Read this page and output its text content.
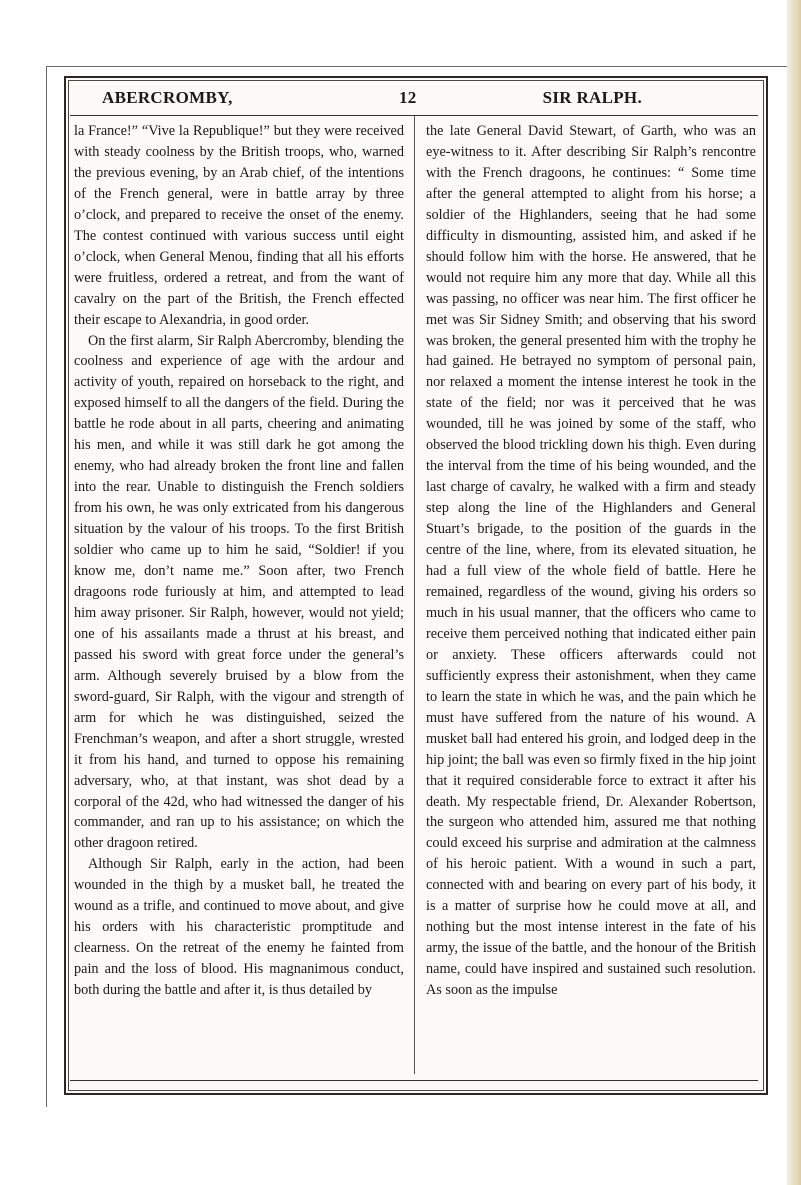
ABERCROMBY,	12	SIR RALPH.

la France!” “Vive la Republique!” but they were received with steady coolness by the British troops, who, warned the previous evening, by an Arab chief, of the intentions of the French general, were in battle array by three o’clock, and prepared to receive the onset of the enemy. The contest continued with various success until eight o’clock, when General Menou, finding that all his efforts were fruitless, ordered a retreat, and from the want of cavalry on the part of the British, the French effected their escape to Alexandria, in good order.

On the first alarm, Sir Ralph Abercromby, blending the coolness and experience of age with the ardour and activity of youth, repaired on horseback to the right, and exposed himself to all the dangers of the field. During the battle he rode about in all parts, cheering and animating his men, and while it was still dark he got among the enemy, who had already broken the front line and fallen into the rear. Unable to distinguish the French soldiers from his own, he was only extricated from his dangerous situation by the valour of his troops. To the first British soldier who came up to him he said, “Soldier! if you know me, don’t name me.” Soon after, two French dragoons rode furiously at him, and attempted to lead him away prisoner. Sir Ralph, however, would not yield; one of his assailants made a thrust at his breast, and passed his sword with great force under the general’s arm. Although severely bruised by a blow from the sword-guard, Sir Ralph, with the vigour and strength of arm for which he was distinguished, seized the Frenchman’s weapon, and after a short struggle, wrested it from his hand, and turned to oppose his remaining adversary, who, at that instant, was shot dead by a corporal of the 42d, who had witnessed the danger of his commander, and ran up to his assistance; on which the other dragoon retired.

Although Sir Ralph, early in the action, had been wounded in the thigh by a musket ball, he treated the wound as a trifle, and continued to move about, and give his orders with his characteristic promptitude and clearness. On the retreat of the enemy he fainted from pain and the loss of blood. His magnanimous conduct, both during the battle and after it, is thus detailed by

the late General David Stewart, of Garth, who was an eye-witness to it. After describing Sir Ralph’s rencontre with the French dragoons, he continues: “ Some time after the general attempted to alight from his horse; a soldier of the Highlanders, seeing that he had some difficulty in dismounting, assisted him, and asked if he should follow him with the horse. He answered, that he would not require him any more that day. While all this was passing, no officer was near him. The first officer he met was Sir Sidney Smith; and observing that his sword was broken, the general presented him with the trophy he had gained. He betrayed no symptom of personal pain, nor relaxed a moment the intense interest he took in the state of the field; nor was it perceived that he was wounded, till he was joined by some of the staff, who observed the blood trickling down his thigh. Even during the interval from the time of his being wounded, and the last charge of cavalry, he walked with a firm and steady step along the line of the Highlanders and General Stuart’s brigade, to the position of the guards in the centre of the line, where, from its elevated situation, he had a full view of the whole field of battle. Here he remained, regardless of the wound, giving his orders so much in his usual manner, that the officers who came to receive them perceived nothing that indicated either pain or anxiety. These officers afterwards could not sufficiently express their astonishment, when they came to learn the state in which he was, and the pain which he must have suffered from the nature of his wound. A musket ball had entered his groin, and lodged deep in the hip joint; the ball was even so firmly fixed in the hip joint that it required considerable force to extract it after his death. My respectable friend, Dr. Alexander Robertson, the surgeon who attended him, assured me that nothing could exceed his surprise and admiration at the calmness of his heroic patient. With a wound in such a part, connected with and bearing on every part of his body, it is a matter of surprise how he could move at all, and nothing but the most intense interest in the fate of his army, the issue of the battle, and the honour of the British name, could have inspired and sustained such resolution. As soon as the impulse
